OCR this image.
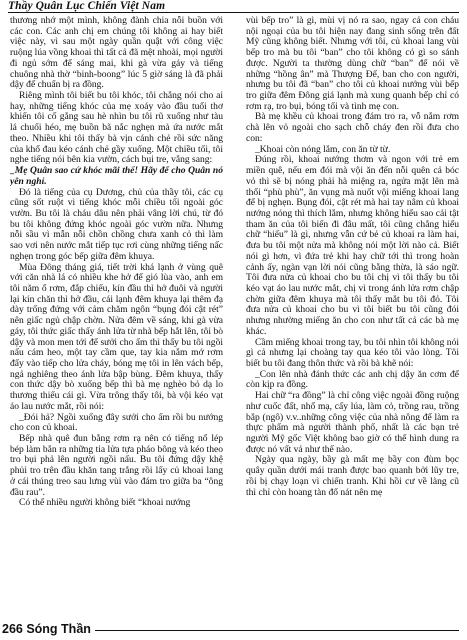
Thầy Quân Lục Chiến Việt Nam

thương nhớ một mình, không đành chia nỗi buồn với các con. Các anh chị em chúng tôi không ai hay biết việc này, vì sau một ngày quần quật với công việc ruộng lúa vồng khoai thì tất cả đã mệt nhoài, mọi người đi ngủ sớm để sáng mai, khi gà vừa gáy và tiếng chuông nhà thờ “binh-boong” lúc 5 giờ sáng là đã phải dậy để chuẩn bị ra đồng.

Riêng mình tôi biết bu tôi khóc, tôi chẳng nói cho ai hay, những tiếng khóc của mẹ xoáy vào đầu tuổi thơ khiến tôi cố gắng sau hè nhìn bu tôi rũ xuống như tàu lá chuối héo, mẹ buồn bã nắc nghẹn mà ứa nước mắt theo. Nhiều khi tôi thấy bà vịn cánh chẻ rồi sức năng của khổ đau kéo cánh chẻ gầy xuống. Một chiều tối, tôi nghe tiếng nói bên kia vườn, cách bụi tre, vẳng sang:

_Mẹ Quân sao cứ khóc mãi thế! Hãy để cho Quân nó yên nghỉ.

Đó là tiếng của cụ Dương, chủ của thầy tôi, các cụ cũng sốt ruột vì tiếng khóc mỗi chiều tối ngoài góc vườn. Bu tôi là cháu dâu nên phải vâng lời chú, từ đó bu tôi không đứng khóc ngoài góc vườn nữa. Nhưng nỗi sầu vì mẫn nỗi chồn chồng chưa xanh cỏ thì làm sao vơi nên nước mắt tiếp tục rơi cùng những tiếng nấc nghẹn trong góc bếp giữa đêm khuya.

Mùa Đông tháng giá, tiết trời khá lạnh ở vùng quê với căn nhà lá có nhiều khe hở để gió lùa vào, anh em tôi năm ổ rơm, đắp chiếu, kín đầu thì hở đuôi và người lại kín chăn thì hở đầu, cái lạnh đêm khuya lại thêm đạ dày trống đứng với cảm chăm ngôn “bụng đói cật rét” nên giấc ngủ chập chờn. Nửa đêm về sáng, khi gà vừa gáy, tôi thức giấc thấy ánh lửa từ nhà bếp hắt lên, tôi bò dậy và mon men tới để sưởi cho ấm thì thấy bu tôi ngồi nấu cám heo, một tay cầm que, tay kia nắm mớ rơm đẩy vào tiếp cho lửa cháy, bóng mẹ tôi in lên vách bếp, ngả nghiêng theo ánh lửa bập bùng. Đêm khuya, thấy con thức dậy bò xuống bếp thì bà mẹ nghèo bỏ dạ lo thương thiếu cái gì. Vừa trông thấy tôi, bà vội kéo vạt áo lau nước mắt, rồi nói:

_Đói hả? Ngồi xuống đây sưởi cho ấm rồi bu nướng cho con củ khoai.

Bếp nhà quê đun bằng rơm rạ nên có tiếng nổ lép bép làm bắn ra những tia lửa tựa pháo bông và kéo theo tro bụi phả lên người ngồi nấu. Bu tôi đứng dậy khệ phủi tro trên đầu khăn tang trắng rồi lấy củ khoai lang ở cái thúng treo sau lưng vùi vào đám tro giữa ba “ông đầu rau”.

Có thể nhiều người không biết “khoai nướng

vùi bếp tro” là gì, mùi vị nó ra sao, ngay cả con cháu nội ngoại của bu tôi hiện nay đang sinh sống trên đất Mỹ cũng không biết. Nhưng với tôi, củ khoai lang vùi bếp tro mà bu tôi “ban” cho tôi không có gì so sánh được. Người ta thường dùng chữ “ban” để nói về những “hồng ân” mà Thượng Đế, ban cho con người, nhưng bu tôi đã “ban” cho tôi củ khoai nướng vùi bếp tro giữa đêm Đông giá lạnh mà xung quanh bếp chỉ có rơm rạ, tro bụi, bóng tối và tình mẹ con.

Bà mẹ khều củ khoai trong đám tro ra, vỗ nắm rơm chà lên vỏ ngoài cho sạch chỗ cháy đen rồi đưa cho con:

_Khoai còn nóng lắm, con ăn từ từ.

Đúng rồi, khoai nướng thơm và ngon với trẻ em miền quê, nếu em đói mà vội ăn đến nỗi quên cả bóc vỏ thì sẽ bị nóng phải hà miệng ra, ngửa mặt lên mà thổi “phù phù”, ăn vụng mà nuốt vội miếng khoai lang để bị nghẹn. Bụng đói, cật rét mà hai tay nâm củ khoai nướng nóng thì thích lắm, nhưng không hiểu sao cái tật tham ăn của tôi biến đi đâu mất, tôi cũng chẳng hiểu chữ “hiếu” là gì, nhưng vẫn cứ bẻ củ khoai ra làm hai, đưa bu tôi một nửa mà không nói một lời nào cả. Biết nói gì hơn, vì đứa trẻ khi hay chữ tới thì trong hoàn cảnh ấy, ngàn vạn lời nói cũng bằng thừa, là sáo ngữ. Tôi đưa nửa củ khoai cho bu tôi chị vì tôi thấy bu tôi kéo vạt áo lau nước mắt, chị vì trong ánh lửa rơm chập chờn giữa đêm khuya mà tôi thấy mắt bu tôi đỏ. Tôi đưa nửa củ khoai cho bu vì tôi biết bu tôi cũng đói nhưng nhường miếng ăn cho con như tất cả các bà mẹ khác.

Cầm miếng khoai trong tay, bu tôi nhìn tôi không nói gì cả nhưng lại choàng tay qua kéo tôi vào lòng. Tôi biết bu tôi đang thôn thức và rồi bà khẽ nói:

_Con lên nhà đánh thức các anh chị dậy ăn cơm để còn kịp ra đồng.

Hai chữ “ra đồng” là chỉ công việc ngoài đồng ruộng như cuốc đất, nhổ mạ, cấy lúa, làm cỏ, trồng rau, trồng bắp (ngô) v.v..những công việc của nhà nông để làm ra thực phẩm mà người thành phố, nhất là các bạn trẻ người Mỹ gốc Việt không bao giờ có thể hình dung ra được nó vất vả như thế nào.

Ngày qua ngày, bầy gà mất mẹ bầy con đùm bọc quây quần dưới mái tranh được bao quanh bởi lũy tre, rồi bị chạy loạn vì chiến tranh. Khi hồi cư về làng cũ thì chỉ còn hoang tàn đổ nát nên mẹ

266 Sóng Thần
